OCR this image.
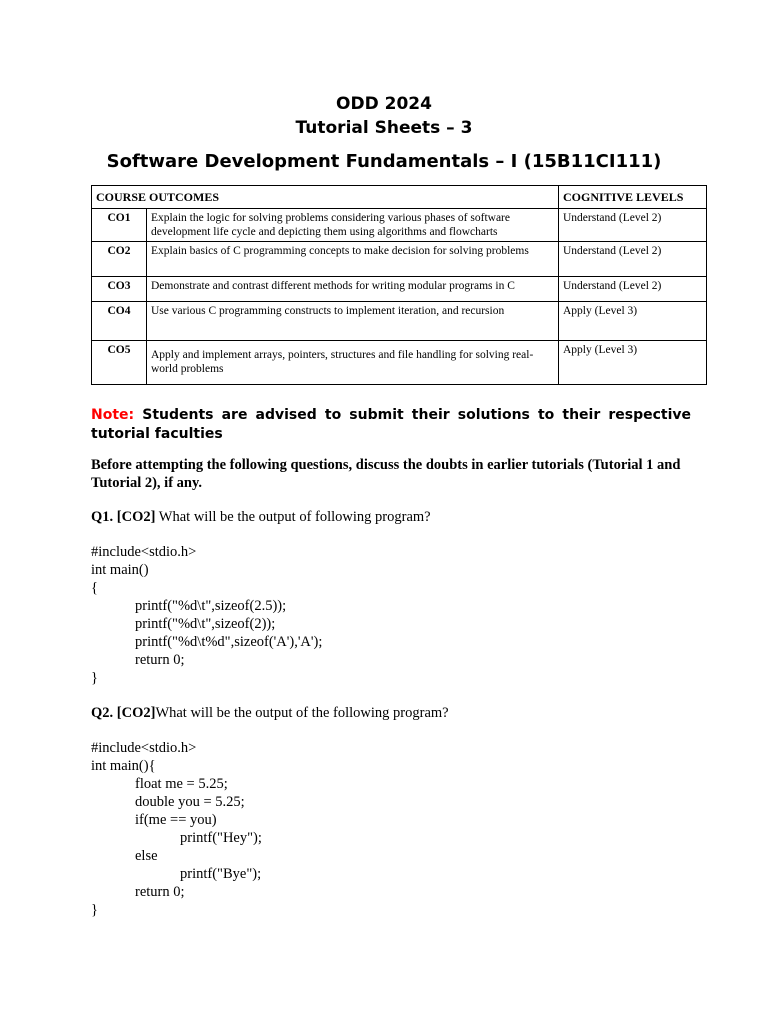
ODD 2024
Tutorial Sheets – 3
Software Development Fundamentals – I (15B11CI111)
COURSE OUTCOMES		COGNITIVE LEVELS
CO1	Explain the logic for solving problems considering various phases of software development life cycle and depicting them using algorithms and flowcharts	Understand (Level 2)
CO2	Explain basics of C programming concepts to make decision for solving problems	Understand (Level 2)
CO3	Demonstrate and contrast different methods for writing modular programs in C	Understand (Level 2)
CO4	Use various C programming constructs to implement iteration, and recursion	Apply (Level 3)
CO5	Apply and implement arrays, pointers, structures and file handling for solving real-world problems	Apply (Level 3)
Note: Students are advised to submit their solutions to their respective tutorial faculties
Before attempting the following questions, discuss the doubts in earlier tutorials (Tutorial 1 and Tutorial 2), if any.
Q1. [CO2] What will be the output of following program?
#include<stdio.h>
int main()
{
printf("%d\t",sizeof(2.5));
printf("%d\t",sizeof(2));
printf("%d\t%d",sizeof('A'),'A');
return 0;
}
Q2. [CO2]What will be the output of the following program?
#include<stdio.h>
int main(){
float me = 5.25;
double you = 5.25;
if(me == you)
printf("Hey");
else
printf("Bye");
return 0;
}
